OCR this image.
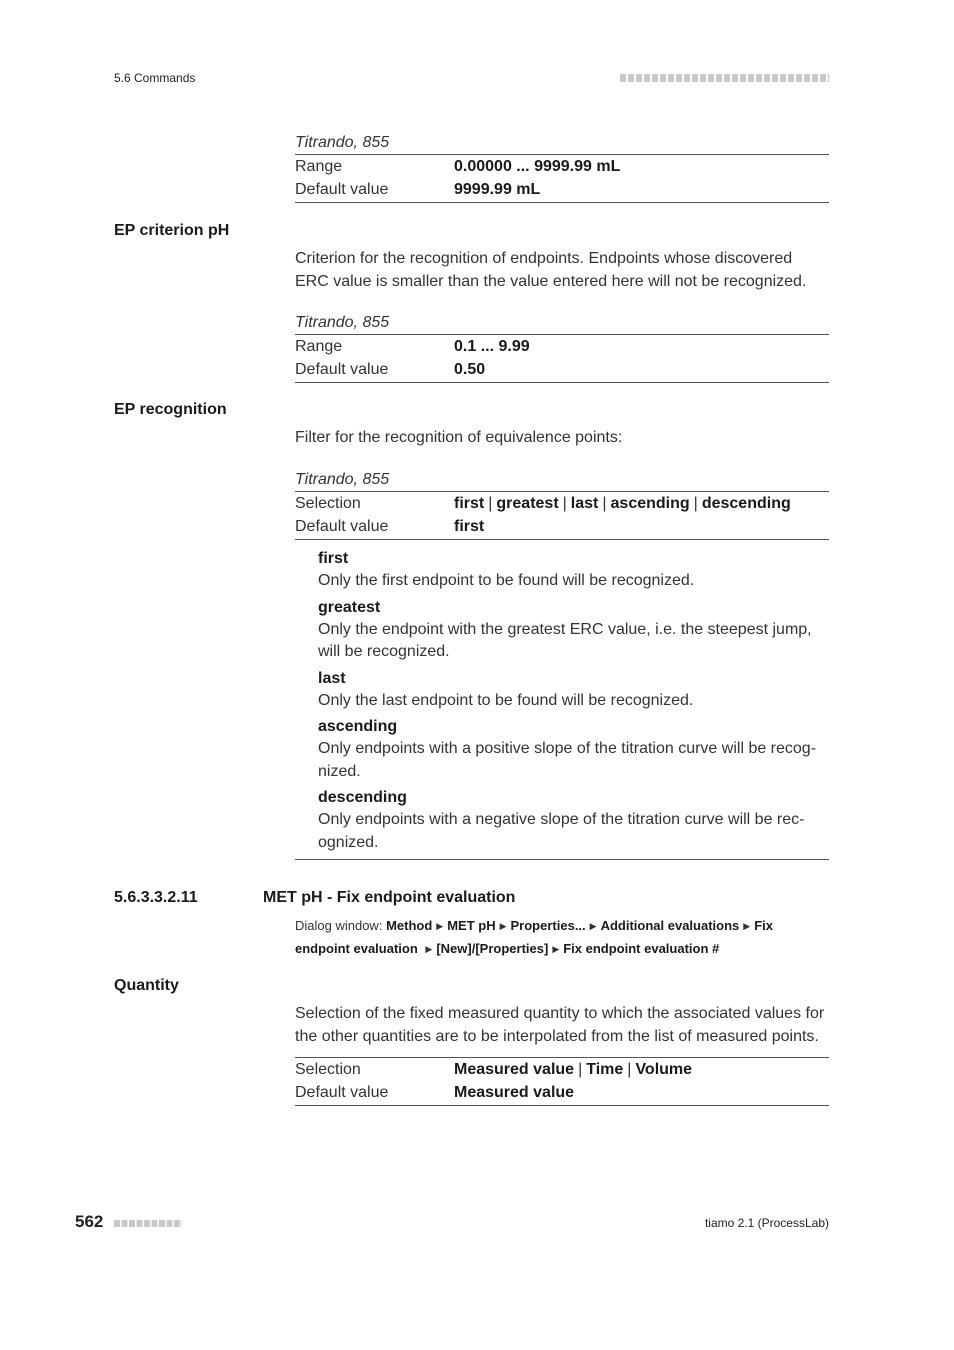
5.6 Commands
Titrando, 855
Range	0.00000 ... 9999.99 mL
Default value	9999.99 mL
EP criterion pH
Criterion for the recognition of endpoints. Endpoints whose discovered ERC value is smaller than the value entered here will not be recognized.
Titrando, 855
Range	0.1 ... 9.99
Default value	0.50
EP recognition
Filter for the recognition of equivalence points:
Titrando, 855
Selection	first | greatest | last | ascending | descending
Default value	first
first
Only the first endpoint to be found will be recognized.
greatest
Only the endpoint with the greatest ERC value, i.e. the steepest jump, will be recognized.
last
Only the last endpoint to be found will be recognized.
ascending
Only endpoints with a positive slope of the titration curve will be recog-nized.
descending
Only endpoints with a negative slope of the titration curve will be rec-ognized.
5.6.3.3.2.11	MET pH - Fix endpoint evaluation
Dialog window: Method ▶ MET pH ▶ Properties... ▶ Additional evaluations ▶ Fix endpoint evaluation ▶ [New]/[Properties] ▶ Fix endpoint evaluation #
Quantity
Selection of the fixed measured quantity to which the associated values for the other quantities are to be interpolated from the list of measured points.
Selection	Measured value | Time | Volume
Default value	Measured value
562	tiamo 2.1 (ProcessLab)
